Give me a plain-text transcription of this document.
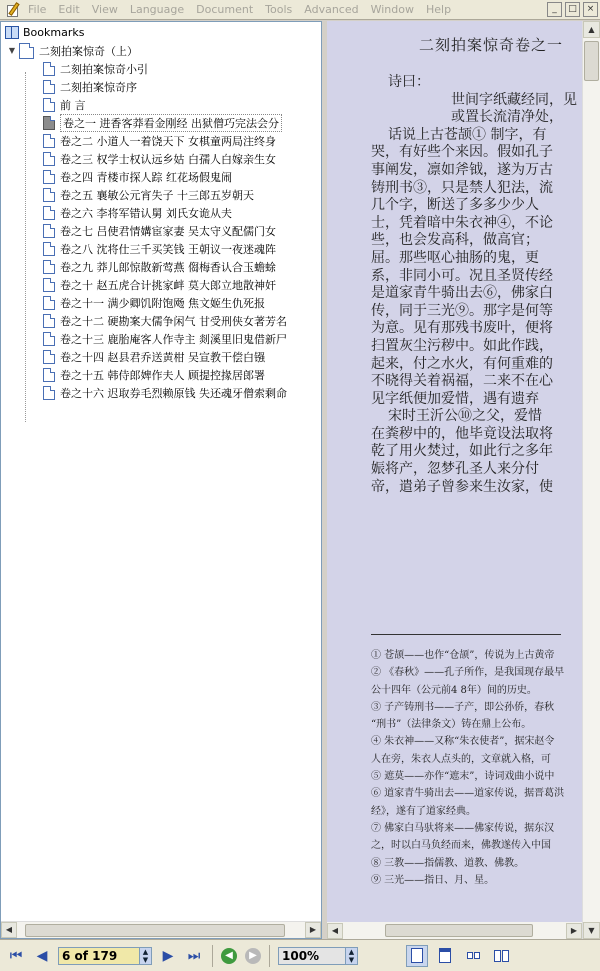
File Edit View Language Document Tools Advanced Window Help	_	□	×
Bookmarks
▼ 二刻拍案惊奇（上）
二刻拍案惊奇小引
二刻拍案惊奇序
前 言
卷之一 进香客莽看金刚经 出狱僧巧完法会分
卷之二 小道人一着饶天下 女棋童两局注终身
卷之三 权学士权认远乡姑 白孺人白嫁亲生女
卷之四 青楼市探人踪 红花场假鬼闹
卷之五 襄敏公元宵失子 十三郎五岁朝天
卷之六 李将军错认舅 刘氏女诡从夫
卷之七 吕使君情媾宦家妻 吴太守义配儒门女
卷之八 沈将仕三千买笑钱 王朝议一夜迷魂阵
卷之九 莽儿郎惊散新莺燕 㑳梅香认合玉蟾蜍
卷之十 赵五虎合计挑家衅 莫大郎立地散神奸
卷之十一 满少卿饥附饱飏 焦文姬生仇死报
卷之十二 硬勘案大儒争闲气 甘受刑侠女著芳名
卷之十三 鹿胎庵客人作寺主 剡溪里旧鬼借新尸
卷之十四 赵县君乔送黄柑 吴宣教干偿白镪
卷之十五 韩侍郎婢作夫人 顾提控掾居郎署
卷之十六 迟取券毛烈赖原钱 失还魂牙僧索剩命
◀	▶
二刻拍案惊奇卷之一

诗曰：

世间字纸藏经同，见

或置长流清净处，

话说上古苍颉① 制字，有

哭，有好些个来因。假如孔子

事阐发，凛如斧钺，遂为万古

铸刑书③，只是禁人犯法，流

几个字，断送了多多少少人

士，凭着暗中朱衣神④，不论

些，也会发高科，做高官；

屈。那些呕心抽肠的鬼，更

系，非同小可。况且圣贤传经

是道家青牛骑出去⑥，佛家白

传，同于三光⑨。那字是何等

为意。见有那残书废叶，便将

扫置灰尘污秽中。如此作践，

起来，付之水火，有何重难的

不晓得关着祸福，二来不在心

见字纸便加爱惜，遇有遗弃

宋时王沂公⑩之父，爱惜

在粪秽中的，他毕竟设法取将

乾了用火焚过，如此行之多年

娠将产，忽梦孔圣人来分付

帝，遣弟子曾参来生汝家，使

① 苍颉——也作“仓颉”，传说为上古黄帝
② 《春秋》——孔子所作，是我国现存最早
公十四年（公元前4 8年）间的历史。
③ 子产铸刑书——子产，即公孙侨，春秋
“刑书”（法律条文）铸在鼎上公布。
④ 朱衣神——又称“朱衣使者”，据宋赵令
人在旁，朱衣人点头的，文章就入格，可
⑤ 遮莫——亦作“遮末”，诗词戏曲小说中
⑥ 道家青牛骑出去——道家传说，据晋葛洪
经》，遂有了道家经典。
⑦ 佛家白马驮将来——佛家传说，据东汉
之，时以白马负经而来，佛教遂传入中国
⑧ 三教——指儒教、道教、佛教。
⑨ 三光——指日、月、星。
▲
▼
◀	▶
⏮	◀	6 of 179	▲
▼	▶	⏭	◀	▶	100%	▲
▼
